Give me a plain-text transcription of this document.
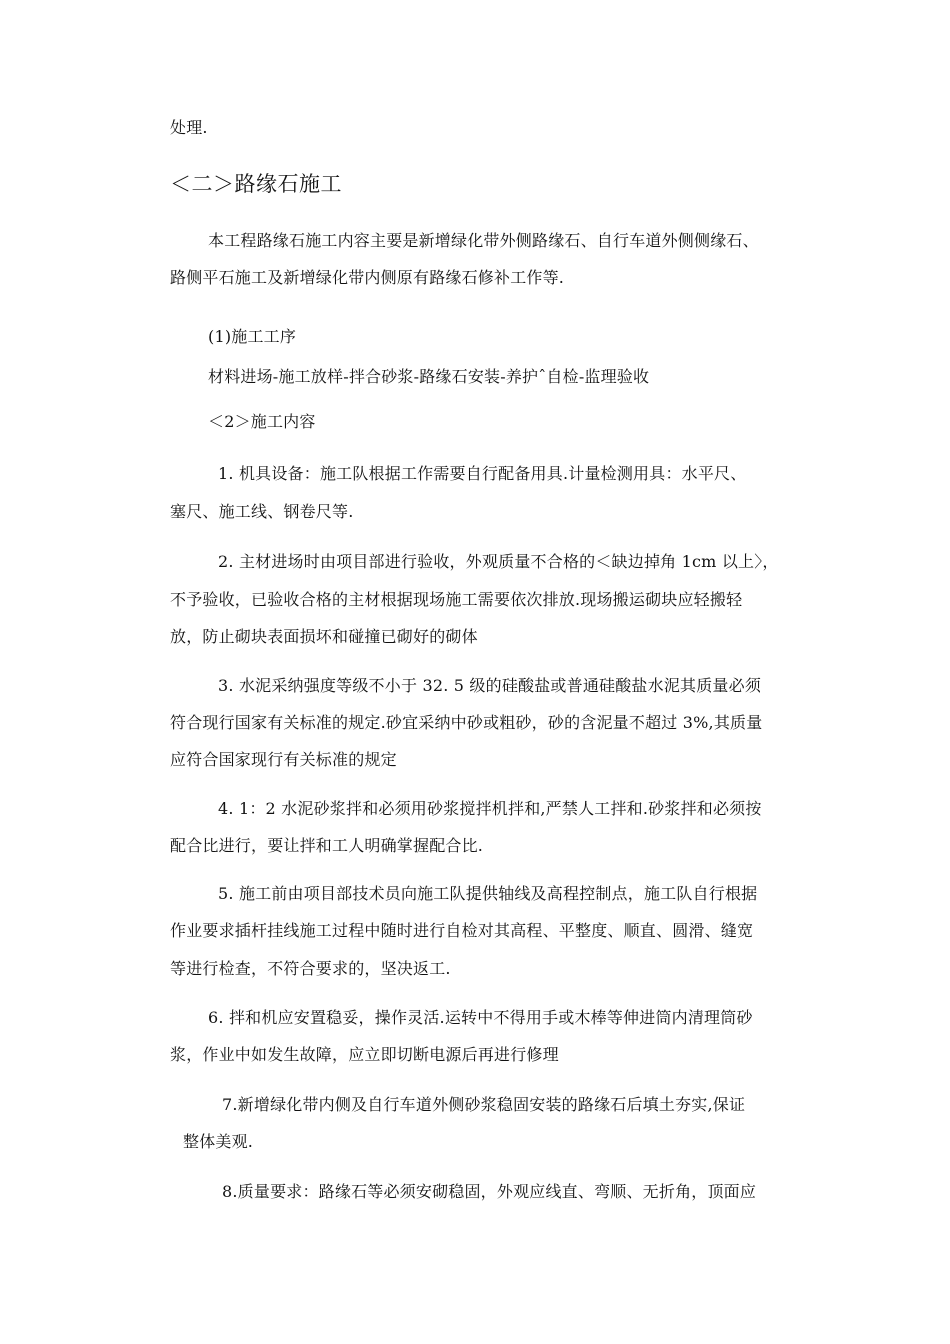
处理.
＜二＞路缘石施工
本工程路缘石施工内容主要是新增绿化带外侧路缘石、自行车道外侧侧缘石、
路侧平石施工及新增绿化带内侧原有路缘石修补工作等.
(1)施工工序
材料进场-施工放样-拌合砂浆-路缘石安装-养护ˆ自检-监理验收
＜2＞施工内容
1. 机具设备：施工队根据工作需要自行配备用具.计量检测用具：水平尺、
塞尺、施工线、钢卷尺等.
2. 主材进场时由项目部进行验收，外观质量不合格的＜缺边掉角 1cm 以上〉，
不予验收，已验收合格的主材根据现场施工需要依次排放.现场搬运砌块应轻搬轻
放，防止砌块表面损坏和碰撞已砌好的砌体
3. 水泥采纳强度等级不小于 32. 5 级的硅酸盐或普通硅酸盐水泥其质量必须
符合现行国家有关标准的规定.砂宜采纳中砂或粗砂，砂的含泥量不超过 3%,其质量
应符合国家现行有关标准的规定
4. 1：2 水泥砂浆拌和必须用砂浆搅拌机拌和,严禁人工拌和.砂浆拌和必须按
配合比进行，要让拌和工人明确掌握配合比.
5. 施工前由项目部技术员向施工队提供轴线及高程控制点，施工队自行根据
作业要求插杆挂线施工过程中随时进行自检对其高程、平整度、顺直、圆滑、缝宽
等进行检查，不符合要求的，坚决返工.
6. 拌和机应安置稳妥，操作灵活.运转中不得用手或木棒等伸进筒内清理筒砂
浆，作业中如发生故障，应立即切断电源后再进行修理
7.新增绿化带内侧及自行车道外侧砂浆稳固安装的路缘石后填土夯实,保证
整体美观.
8.质量要求：路缘石等必须安砌稳固，外观应线直、弯顺、无折角，顶面应
